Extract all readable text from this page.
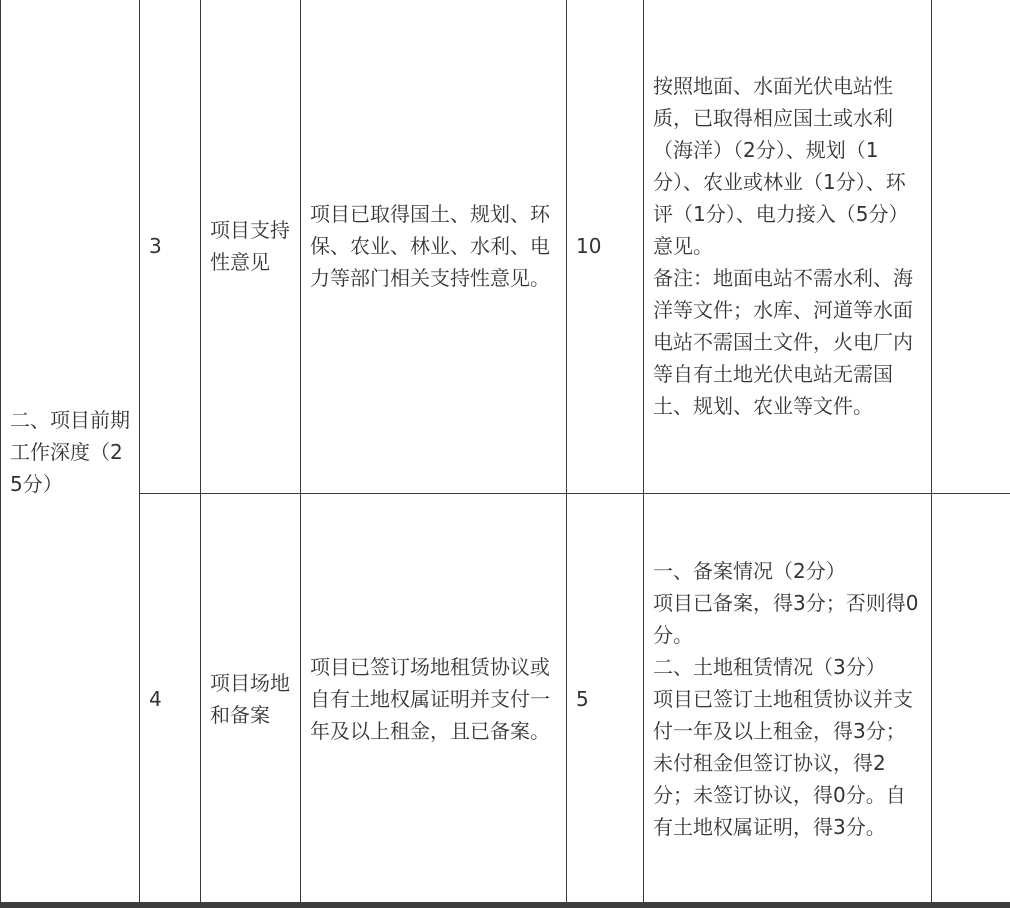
二、项目前期工作深度（25分）	3	项目支持性意见	项目已取得国土、规划、环保、农业、林业、水利、电力等部门相关支持性意见。	10	按照地面、水面光伏电站性质，已取得相应国土或水利（海洋）（2分）、规划（1分）、农业或林业（1分）、环评（1分）、电力接入（5分）意见。
备注：地面电站不需水利、海洋等文件；水库、河道等水面电站不需国土文件，火电厂内等自有土地光伏电站无需国土、规划、农业等文件。	
	4	项目场地和备案	项目已签订场地租赁协议或自有土地权属证明并支付一年及以上租金，且已备案。	5	一、备案情况（2分）
项目已备案，得3分；否则得0分。
二、土地租赁情况（3分）
项目已签订土地租赁协议并支付一年及以上租金，得3分；未付租金但签订协议，得2分；未签订协议，得0分。自有土地权属证明，得3分。	
